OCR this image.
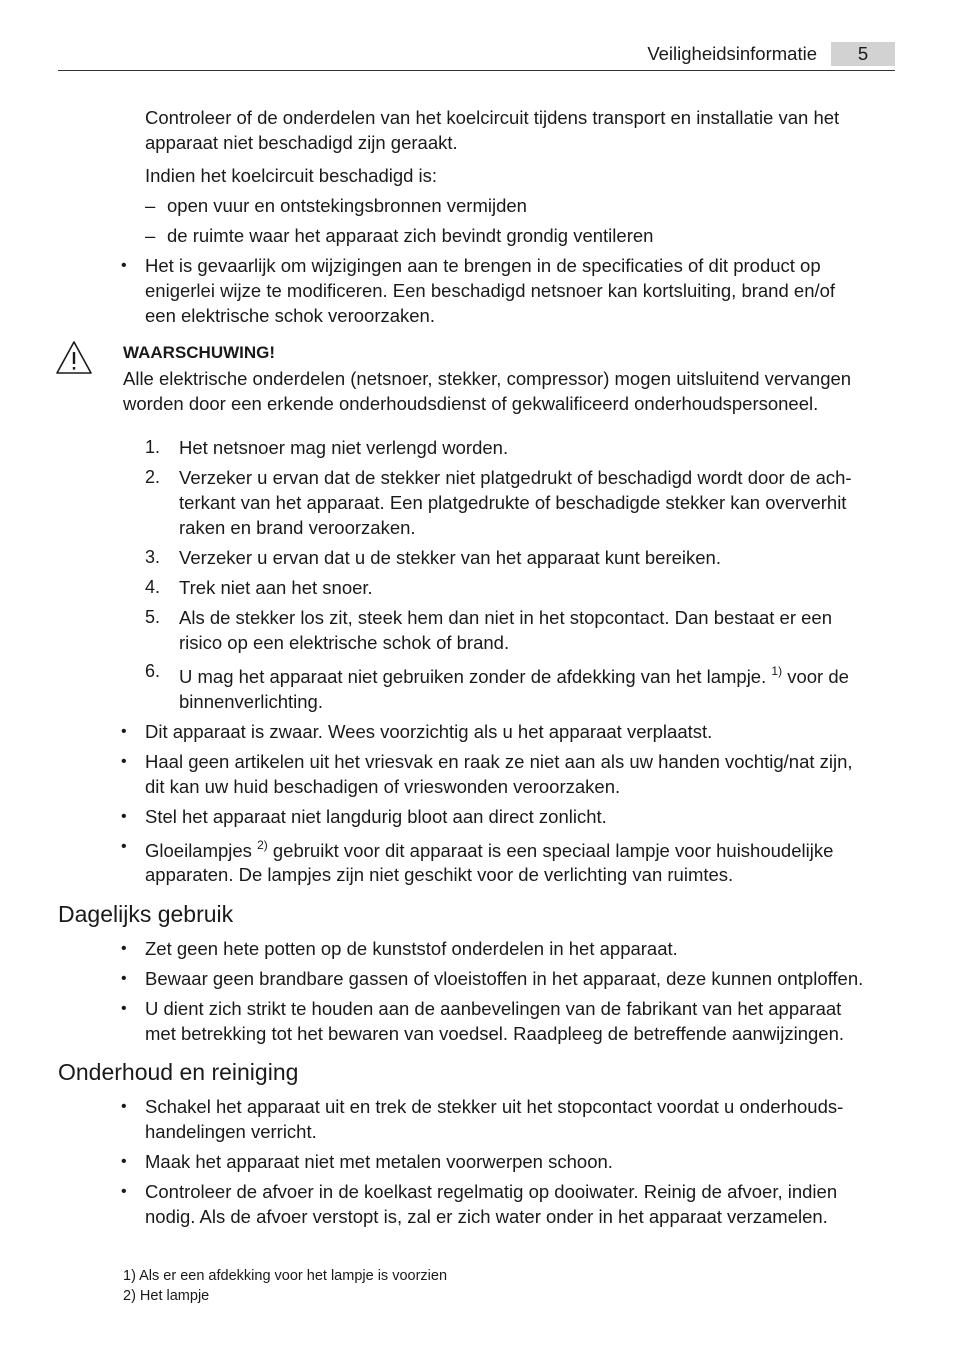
Veiligheidsinformatie	5
Controleer of de onderdelen van het koelcircuit tijdens transport en installatie van het
apparaat niet beschadigd zijn geraakt.
Indien het koelcircuit beschadigd is:
– open vuur en ontstekingsbronnen vermijden
– de ruimte waar het apparaat zich bevindt grondig ventileren
• Het is gevaarlijk om wijzigingen aan te brengen in de specificaties of dit product op
enigerlei wijze te modificeren. Een beschadigd netsnoer kan kortsluiting, brand en/of
een elektrische schok veroorzaken.
WAARSCHUWING!
Alle elektrische onderdelen (netsnoer, stekker, compressor) mogen uitsluitend vervangen
worden door een erkende onderhoudsdienst of gekwalificeerd onderhoudspersoneel.
1. Het netsnoer mag niet verlengd worden.
2. Verzeker u ervan dat de stekker niet platgedrukt of beschadigd wordt door de ach-
terkant van het apparaat. Een platgedrukte of beschadigde stekker kan oververhit
raken en brand veroorzaken.
3. Verzeker u ervan dat u de stekker van het apparaat kunt bereiken.
4. Trek niet aan het snoer.
5. Als de stekker los zit, steek hem dan niet in het stopcontact. Dan bestaat er een
risico op een elektrische schok of brand.
6. U mag het apparaat niet gebruiken zonder de afdekking van het lampje. $^{1)}$ voor de
binnenverlichting.
• Dit apparaat is zwaar. Wees voorzichtig als u het apparaat verplaatst.
• Haal geen artikelen uit het vriesvak en raak ze niet aan als uw handen vochtig/nat zijn,
dit kan uw huid beschadigen of vrieswonden veroorzaken.
• Stel het apparaat niet langdurig bloot aan direct zonlicht.
• Gloeilampjes $^{2)}$ gebruikt voor dit apparaat is een speciaal lampje voor huishoudelijke
apparaten. De lampjes zijn niet geschikt voor de verlichting van ruimtes.
Dagelijks gebruik
• Zet geen hete potten op de kunststof onderdelen in het apparaat.
• Bewaar geen brandbare gassen of vloeistoffen in het apparaat, deze kunnen ontploffen.
• U dient zich strikt te houden aan de aanbevelingen van de fabrikant van het apparaat
met betrekking tot het bewaren van voedsel. Raadpleeg de betreffende aanwijzingen.
Onderhoud en reiniging
• Schakel het apparaat uit en trek de stekker uit het stopcontact voordat u onderhouds-
handelingen verricht.
• Maak het apparaat niet met metalen voorwerpen schoon.
• Controleer de afvoer in de koelkast regelmatig op dooiwater. Reinig de afvoer, indien
nodig. Als de afvoer verstopt is, zal er zich water onder in het apparaat verzamelen.
1) Als er een afdekking voor het lampje is voorzien
2) Het lampje
